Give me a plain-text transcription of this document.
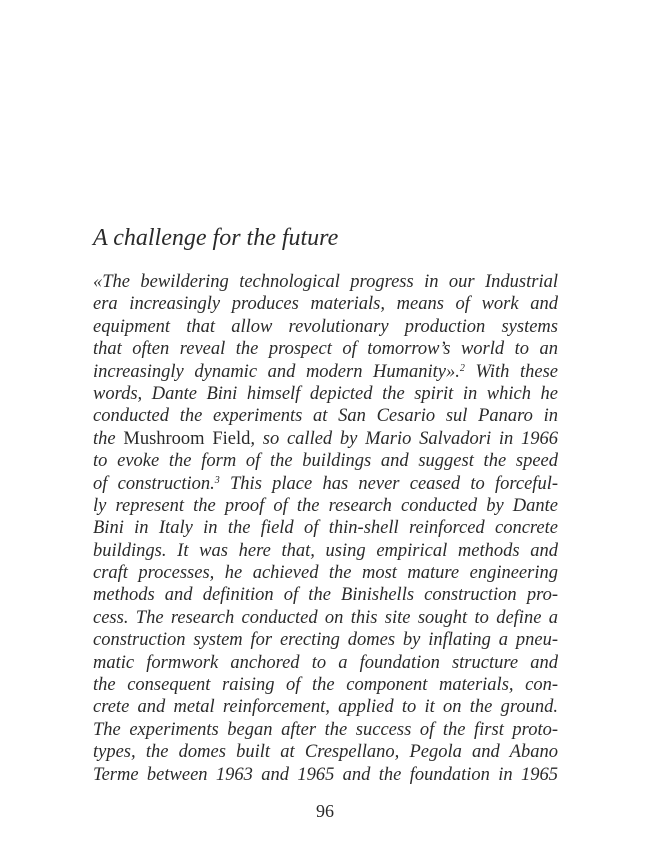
A challenge for the future
«The bewildering technological progress in our Industrial
era increasingly produces materials, means of work and
equipment that allow revolutionary production systems
that often reveal the prospect of tomorrow’s world to an
increasingly dynamic and modern Humanity».$^2$ With these
words, Dante Bini himself depicted the spirit in which he
conducted the experiments at San Cesario sul Panaro in
the Mushroom Field, so called by Mario Salvadori in 1966
to evoke the form of the buildings and suggest the speed
of construction.$^3$ This place has never ceased to forceful-
ly represent the proof of the research conducted by Dante
Bini in Italy in the field of thin-shell reinforced concrete
buildings. It was here that, using empirical methods and
craft processes, he achieved the most mature engineering
methods and definition of the Binishells construction pro-
cess. The research conducted on this site sought to define a
construction system for erecting domes by inflating a pneu-
matic formwork anchored to a foundation structure and
the consequent raising of the component materials, con-
crete and metal reinforcement, applied to it on the ground.
The experiments began after the success of the first proto-
types, the domes built at Crespellano, Pegola and Abano
Terme between 1963 and 1965 and the foundation in 1965

96
